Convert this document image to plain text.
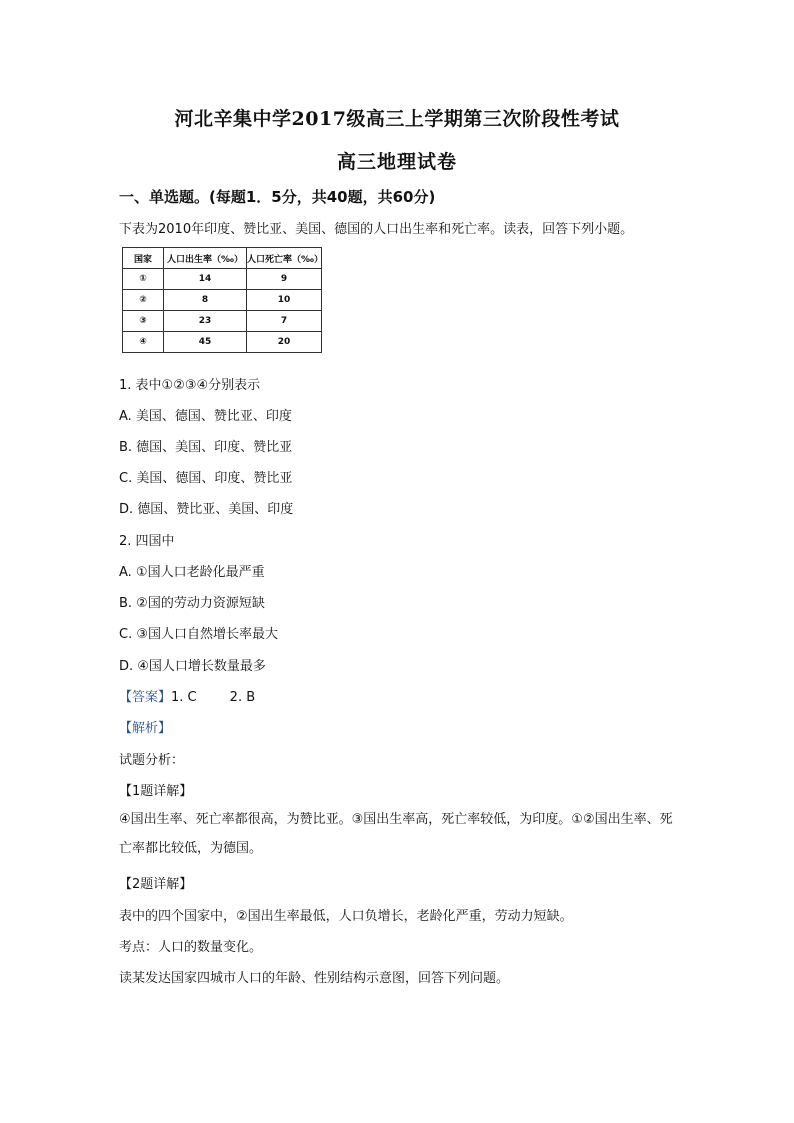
河北辛集中学2017级高三上学期第三次阶段性考试
高三地理试卷
一、单选题。(每题1．5分，共40题，共60分)
下表为2010年印度、赞比亚、美国、德国的人口出生率和死亡率。读表，回答下列小题。
国家	人口出生率（‰）	人口死亡率（‰）
①	14	9
②	8	10
③	23	7
④	45	20
1. 表中①②③④分别表示
A. 美国、德国、赞比亚、印度
B. 德国、美国、印度、赞比亚
C. 美国、德国、印度、赞比亚
D. 德国、赞比亚、美国、印度
2. 四国中
A. ①国人口老龄化最严重
B. ②国的劳动力资源短缺
C. ③国人口自然增长率最大
D. ④国人口增长数量最多
【答案】1. C        2. B
【解析】
试题分析：
【1题详解】
④国出生率、死亡率都很高，为赞比亚。③国出生率高，死亡率较低，为印度。①②国出生率、死亡率都比较低，为德国。
【2题详解】
表中的四个国家中，②国出生率最低，人口负增长，老龄化严重，劳动力短缺。
考点：人口的数量变化。
读某发达国家四城市人口的年龄、性别结构示意图，回答下列问题。
